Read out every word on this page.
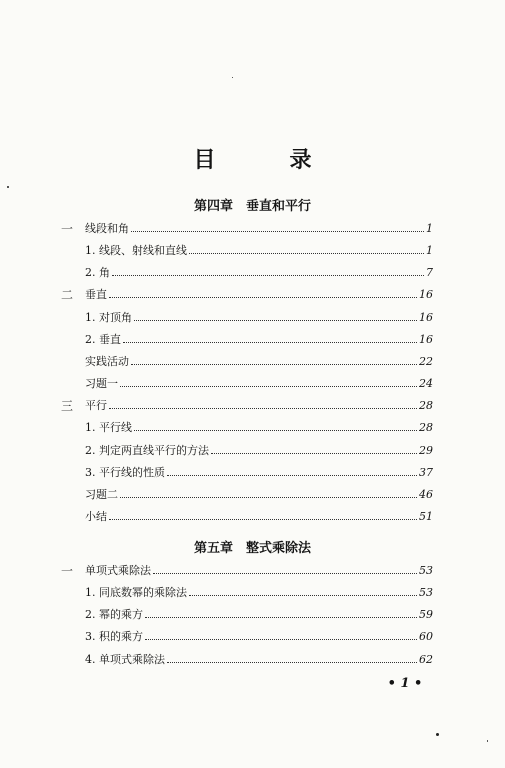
目　录
第四章　垂直和平行
一 线段和角	1
1. 线段、射线和直线	1
2. 角	7
二 垂直	16
1. 对顶角	16
2. 垂直	16
实践活动	22
习题一	24
三 平行	28
1. 平行线	28
2. 判定两直线平行的方法	29
3. 平行线的性质	37
习题二	46
小结	51
第五章　整式乘除法
一 单项式乘除法	53
1. 同底数幂的乘除法	53
2. 幂的乘方	59
3. 积的乘方	60
4. 单项式乘除法	62
• 1 •
